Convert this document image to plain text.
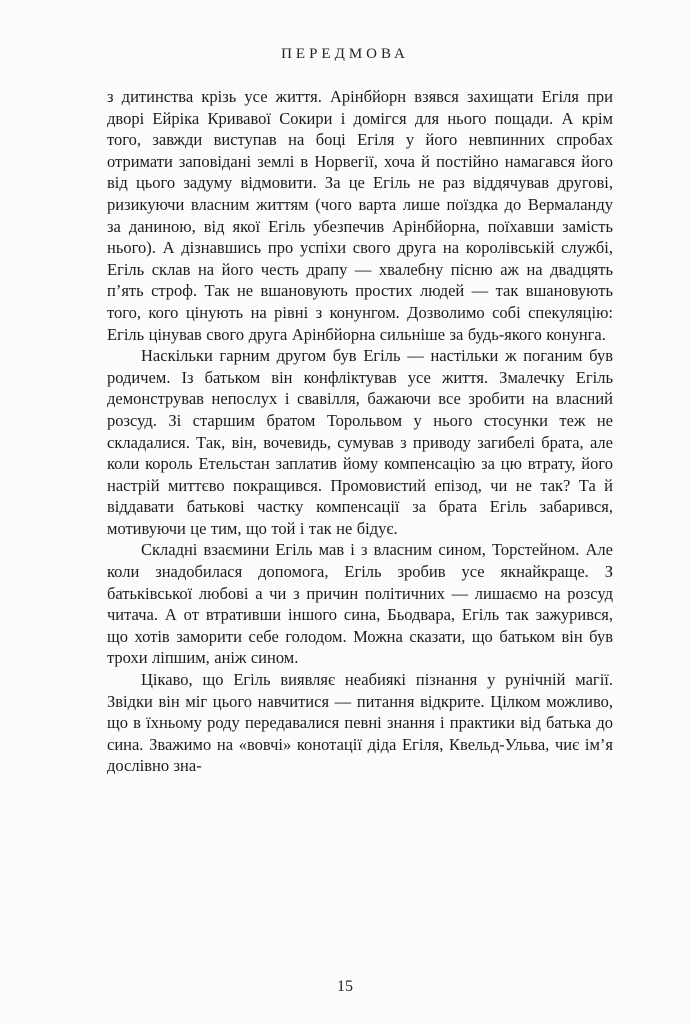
ПЕРЕДМОВА

з дитинства крізь усе життя. Арінбйорн взявся захищати Егіля при дворі Ейріка Кривавої Сокири і домігся для нього пощади. А крім того, завжди виступав на боці Егіля у його невпинних спробах отримати заповідані землі в Норвегії, хоча й постійно намагався його від цього задуму відмовити. За це Егіль не раз віддячував другові, ризикуючи власним життям (чого варта лише поїздка до Вермаланду за даниною, від якої Егіль убезпечив Арінбйорна, поїхавши замість нього). А дізнавшись про успіхи свого друга на королівській службі, Егіль склав на його честь драпу — хвалебну пісню аж на двадцять п’ять строф. Так не вшановують простих людей — так вшановують того, кого цінують на рівні з конунгом. Дозволимо собі спекуляцію: Егіль цінував свого друга Арінбйорна сильніше за будь-якого конунга.

Наскільки гарним другом був Егіль — настільки ж поганим був родичем. Із батьком він конфліктував усе життя. Змалечку Егіль демонстрував непослух і свавілля, бажаючи все зробити на власний розсуд. Зі старшим братом Торольвом у нього стосунки теж не складалися. Так, він, вочевидь, сумував з приводу загибелі брата, але коли король Етельстан заплатив йому компенсацію за цю втрату, його настрій миттєво покращився. Промовистий епізод, чи не так? Та й віддавати батькові частку компенсації за брата Егіль забарився, мотивуючи це тим, що той і так не бідує.

Складні взаємини Егіль мав і з власним сином, Торстейном. Але коли знадобилася допомога, Егіль зробив усе якнайкраще. З батьківської любові а чи з причин політичних — лишаємо на розсуд читача. А от втративши іншого сина, Бьодвара, Егіль так зажурився, що хотів заморити себе голодом. Можна сказати, що батьком він був трохи ліпшим, аніж сином.

Цікаво, що Егіль виявляє неабиякі пізнання у рунічній магії. Звідки він міг цього навчитися — питання відкрите. Цілком можливо, що в їхньому роду передавалися певні знання і практики від батька до сина. Зважимо на «вовчі» конотації діда Егіля, Квельд-Ульва, чиє ім’я дослівно зна-

15
